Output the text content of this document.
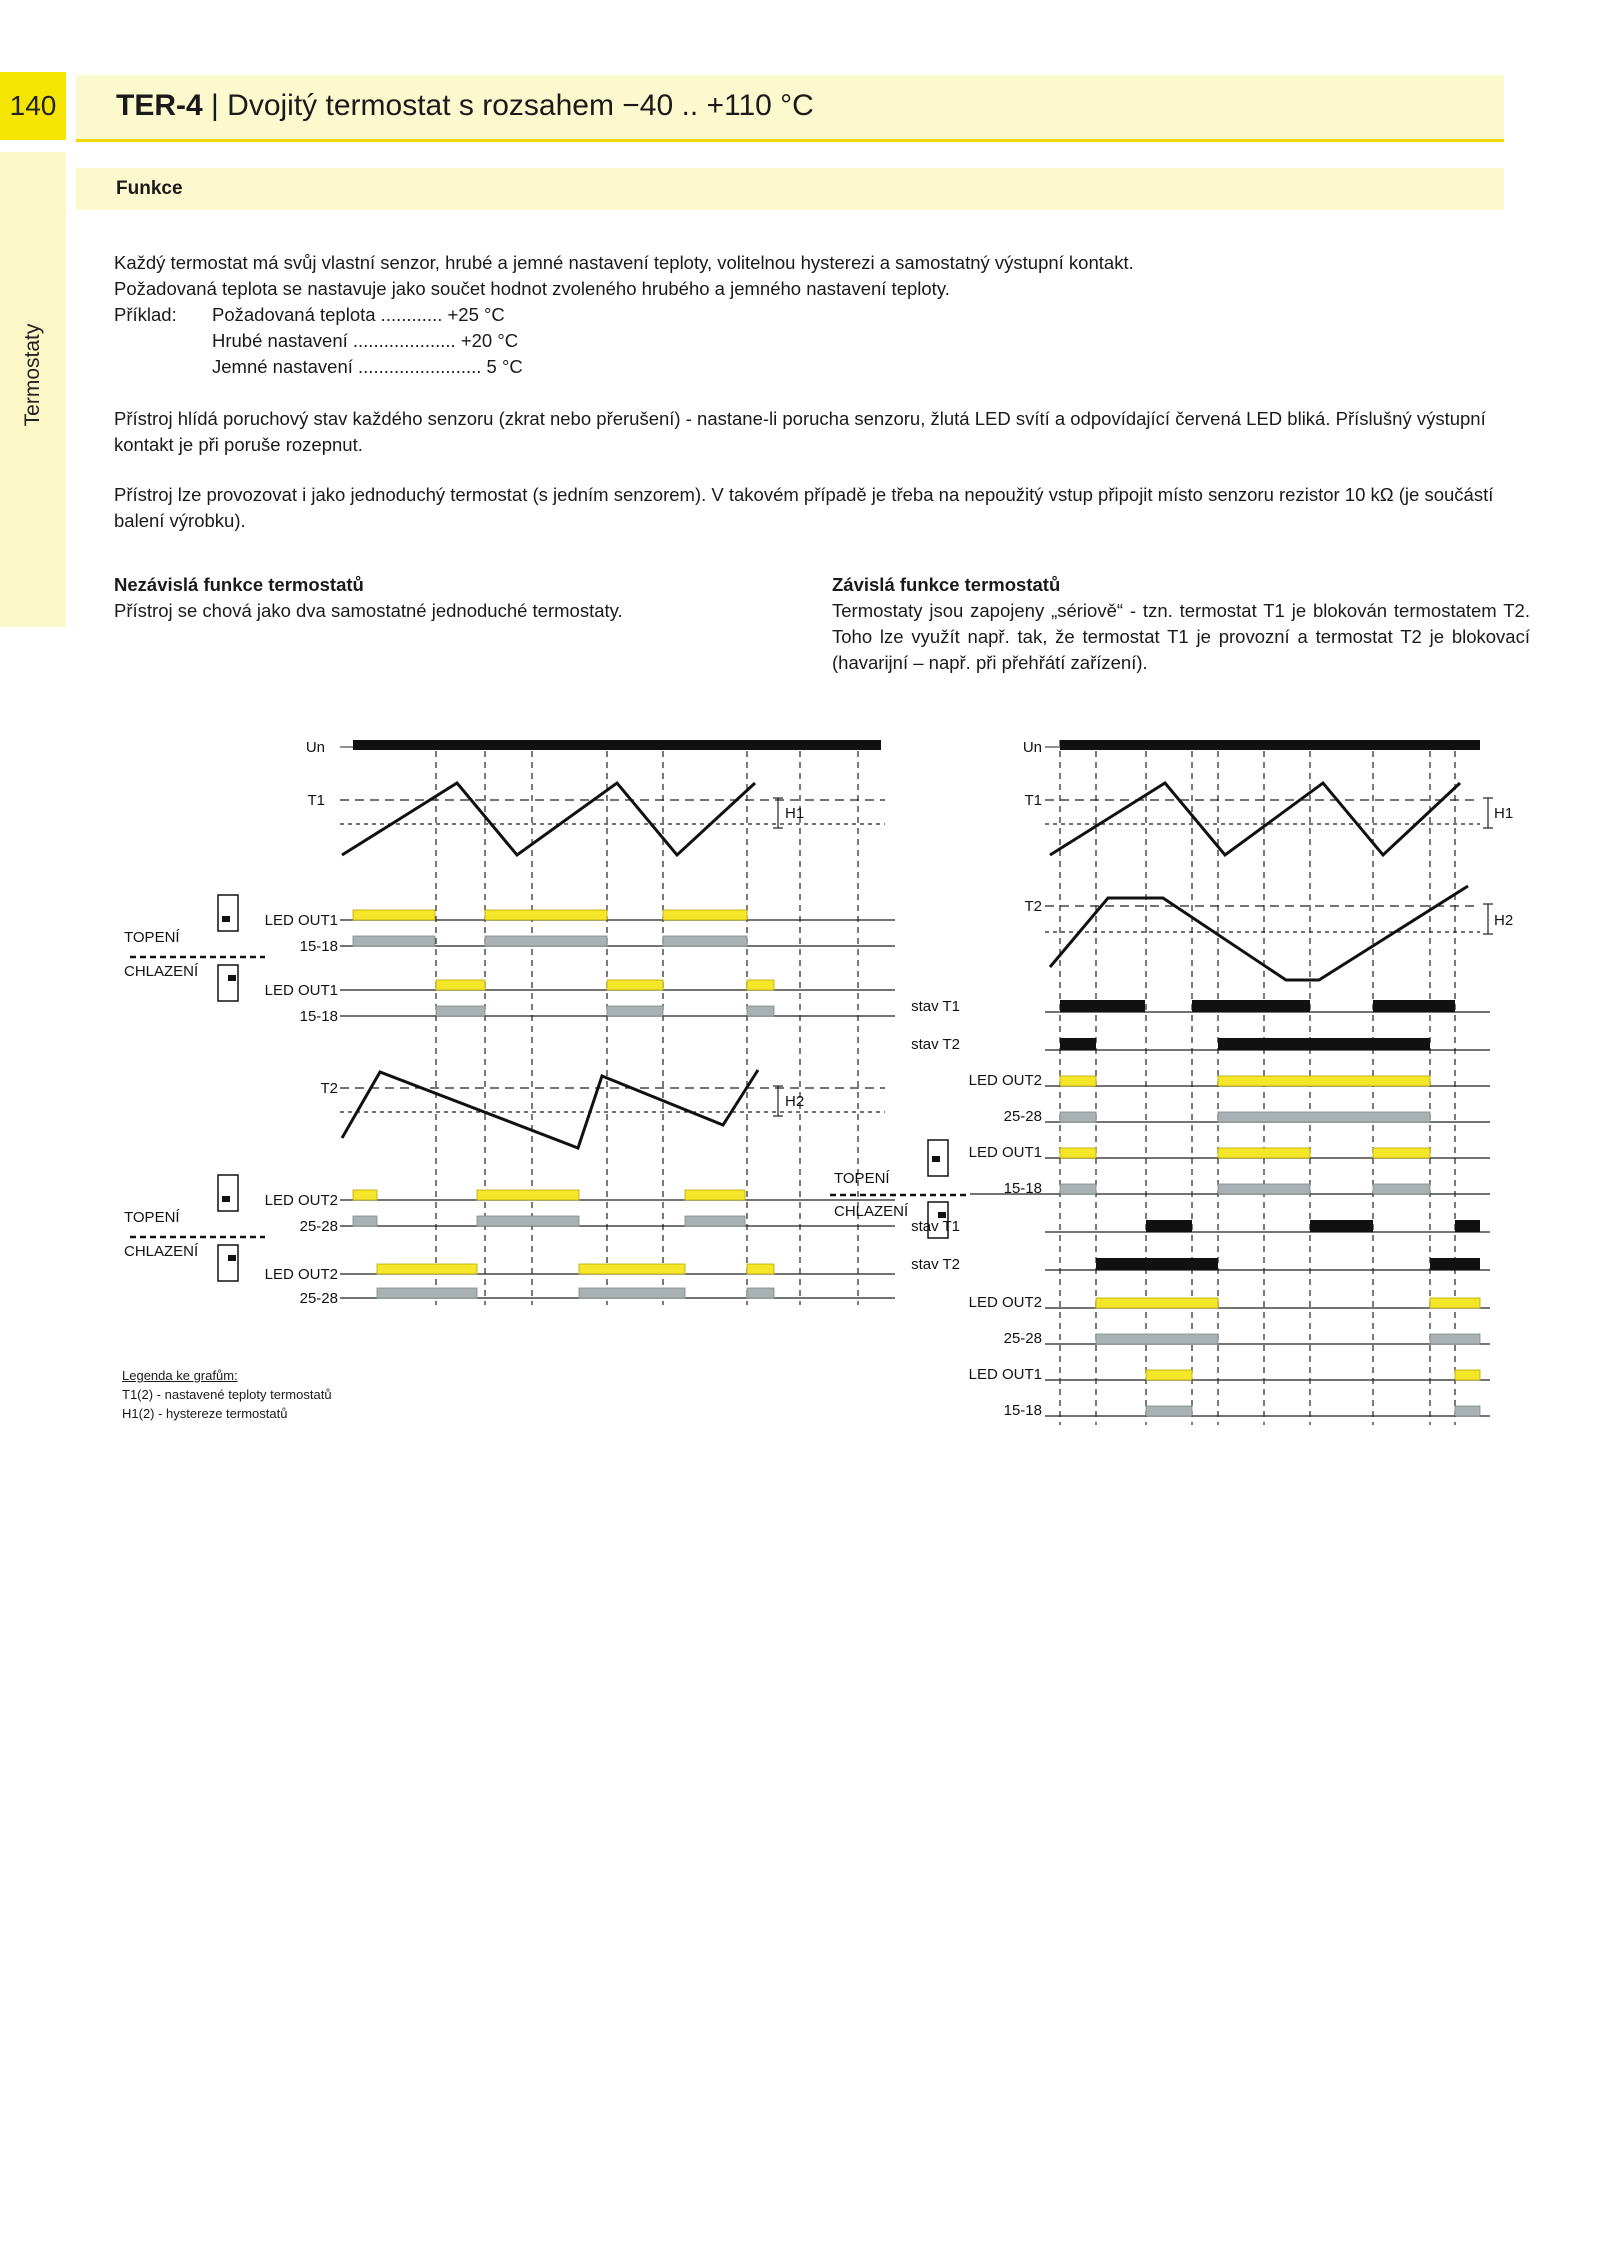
140
Termostaty
TER-4 | Dvojitý termostat s rozsahem −40 .. +110 °C
Funkce
Každý termostat má svůj vlastní senzor, hrubé a jemné nastavení teploty, volitelnou hysterezi a samostatný výstupní kontakt.
Požadovaná teplota se nastavuje jako součet hodnot zvoleného hrubého a jemného nastavení teploty.
Příklad: Požadovaná teplota ............ +25 °C
Hrubé nastavení .................... +20 °C
Jemné nastavení ........................ 5 °C
Přístroj hlídá poruchový stav každého senzoru (zkrat nebo přerušení) - nastane-li porucha senzoru, žlutá LED svítí a odpovídající červená LED bliká. Příslušný výstupní kontakt je při poruše rozepnut.
Přístroj lze provozovat i jako jednoduchý termostat (s jedním senzorem). V takovém případě je třeba na nepoužitý vstup připojit místo senzoru rezistor 10 kΩ (je součástí balení výrobku).
Nezávislá funkce termostatů
Přístroj se chová jako dva samostatné jednoduché termostaty.
Závislá funkce termostatů
Termostaty jsou zapojeny „sériově“ - tzn. termostat T1 je blokován termostatem T2. Toho lze využít např. tak, že termostat T1 je provozní a termostat T2 je blokovací (havarijní – např. při přehřátí zařízení).
Un
T1
H1
LED OUT1
15-18
LED OUT1
15-18
T2
H2
LED OUT2
25-28
LED OUT2
25-28
TOPENÍ
CHLAZENÍ
TOPENÍ
CHLAZENÍ
Legenda ke grafům:
T1(2) - nastavené teploty termostatů
H1(2) - hystereze termostatů
Un
T1
H1
T2
H2
stav T1
stav T2
LED OUT2
25-28
LED OUT1
15-18
stav T1
stav T2
LED OUT2
25-28
LED OUT1
15-18
TOPENÍ
CHLAZENÍ
